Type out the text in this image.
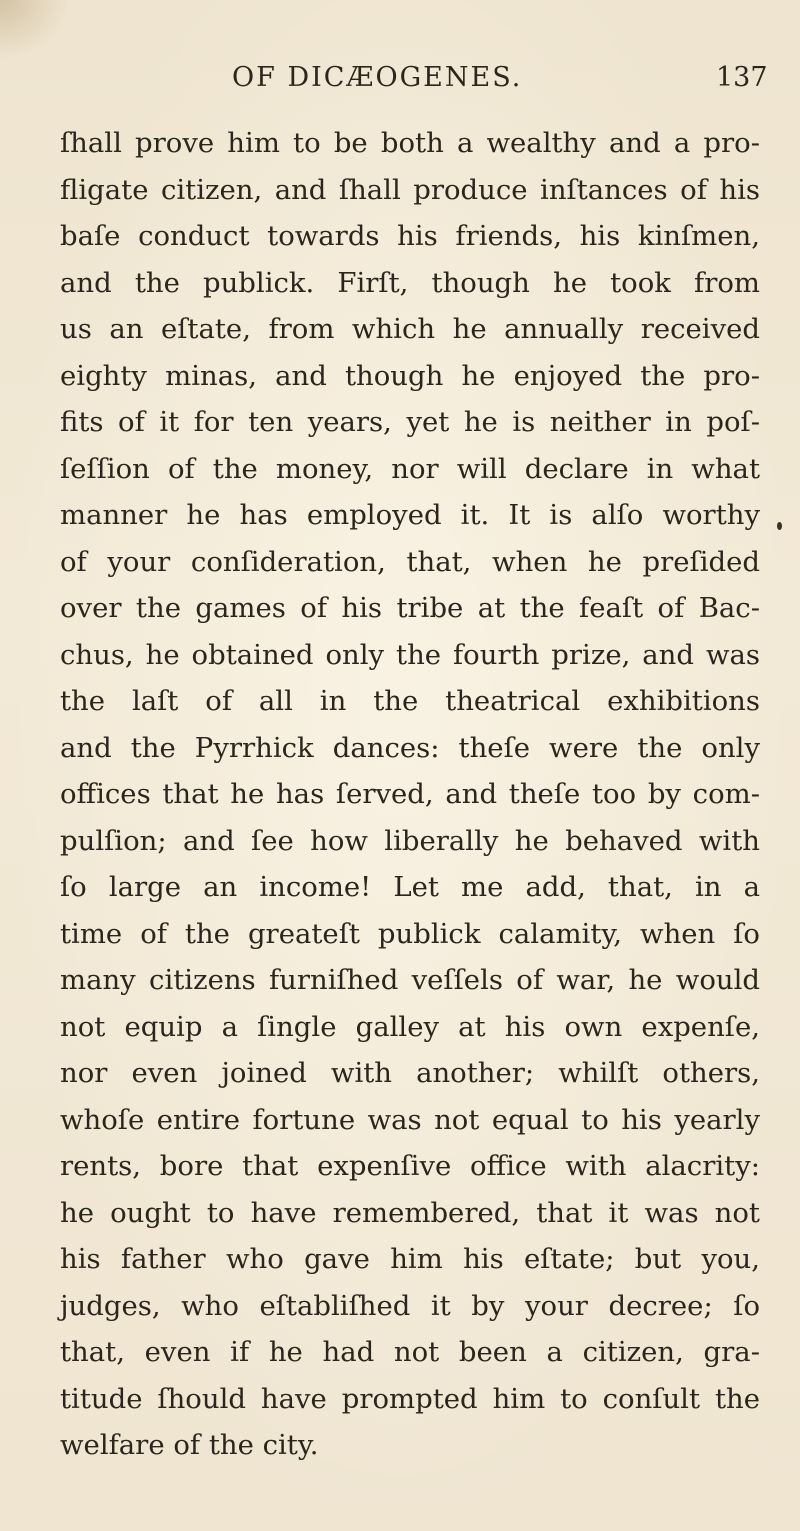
OF DICÆOGENES.	137
ſhall prove him to be both a wealthy and a pro-
fligate citizen, and ſhall produce inſtances of his
baſe conduct towards his friends, his kinſmen,
and the publick. Firſt, though he took from
us an eſtate, from which he annually received
eighty minas, and though he enjoyed the pro-
fits of it for ten years, yet he is neither in poſ-
ſeſſion of the money, nor will declare in what
manner he has employed it. It is alſo worthy
of your conſideration, that, when he preſided
over the games of his tribe at the feaſt of Bac-
chus, he obtained only the fourth prize, and was
the laſt of all in the theatrical exhibitions
and the Pyrrhick dances: theſe were the only
offices that he has ſerved, and theſe too by com-
pulſion; and ſee how liberally he behaved with
ſo large an income! Let me add, that, in a
time of the greateſt publick calamity, when ſo
many citizens furniſhed veſſels of war, he would
not equip a ſingle galley at his own expenſe,
nor even joined with another; whilſt others,
whoſe entire fortune was not equal to his yearly
rents, bore that expenſive office with alacrity:
he ought to have remembered, that it was not
his father who gave him his eſtate; but you,
judges, who eſtabliſhed it by your decree; ſo
that, even if he had not been a citizen, gra-
titude ſhould have prompted him to conſult the
welfare of the city.
